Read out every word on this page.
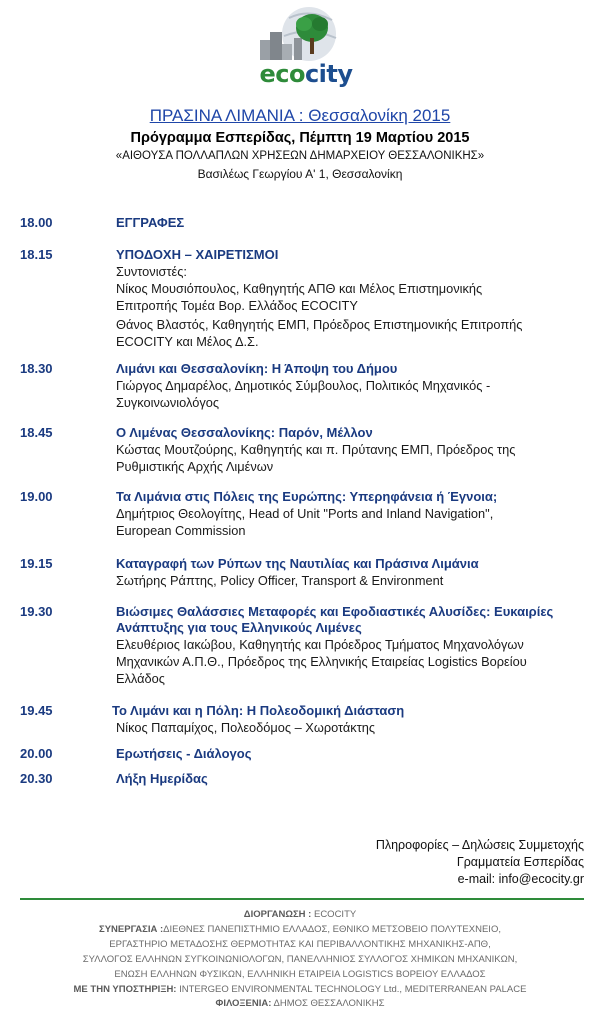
ecocity
ΠΡΑΣΙΝΑ ΛΙΜΑΝΙΑ : Θεσσαλονίκη 2015
Πρόγραμμα Εσπερίδας, Πέμπτη 19 Μαρτίου 2015
«ΑΙΘΟΥΣΑ ΠΟΛΛΑΠΛΩΝ ΧΡΗΣΕΩΝ ΔΗΜΑΡΧΕΙΟΥ ΘΕΣΣΑΛΟΝΙΚΗΣ»
Βασιλέως Γεωργίου Α' 1, Θεσσαλονίκη
18.00	ΕΓΓΡΑΦΕΣ
18.15	ΥΠΟΔΟΧΗ – ΧΑΙΡΕΤΙΣΜΟΙ
Συντονιστές:
Νίκος Μουσιόπουλος, Καθηγητής ΑΠΘ και Μέλος Επιστημονικής
Επιτροπής Τομέα Βορ. Ελλάδος ECOCITY
Θάνος Βλαστός, Καθηγητής ΕΜΠ, Πρόεδρος Επιστημονικής Επιτροπής
ECOCITY και Μέλος Δ.Σ.
18.30	Λιμάνι και Θεσσαλονίκη: Η Άποψη του Δήμου
Γιώργος Δημαρέλος, Δημοτικός Σύμβουλος, Πολιτικός Μηχανικός -
Συγκοινωνιολόγος
18.45	Ο Λιμένας Θεσσαλονίκης: Παρόν, Μέλλον
Κώστας Μουτζούρης, Καθηγητής και π. Πρύτανης ΕΜΠ, Πρόεδρος της
Ρυθμιστικής Αρχής Λιμένων
19.00	Τα Λιμάνια στις Πόλεις της Ευρώπης: Υπερηφάνεια ή Έγνοια;
Δημήτριος Θεολογίτης, Head of Unit "Ports and Inland Navigation",
European Commission
19.15	Καταγραφή των Ρύπων της Ναυτιλίας και Πράσινα Λιμάνια
Σωτήρης Ράπτης, Policy Officer, Transport & Environment
19.30	Βιώσιμες Θαλάσσιες Μεταφορές και Εφοδιαστικές Αλυσίδες: Ευκαιρίες
Ανάπτυξης για τους Ελληνικούς Λιμένες
Ελευθέριος Ιακώβου, Καθηγητής και Πρόεδρος Τμήματος Μηχανολόγων
Μηχανικών Α.Π.Θ., Πρόεδρος της Ελληνικής Εταιρείας Logistics Βορείου
Ελλάδος
19.45	Το Λιμάνι και η Πόλη: Η Πολεοδομική Διάσταση
Νίκος Παπαμίχος, Πολεοδόμος – Χωροτάκτης
20.00	Ερωτήσεις - Διάλογος
20.30	Λήξη Ημερίδας
Πληροφορίες – Δηλώσεις Συμμετοχής
Γραμματεία Εσπερίδας
e-mail: info@ecocity.gr
ΔΙΟΡΓΑΝΩΣΗ : ECOCITY
ΣΥΝΕΡΓΑΣΙΑ :ΔΙΕΘΝΕΣ ΠΑΝΕΠΙΣΤΗΜΙΟ ΕΛΛΑΔΟΣ, ΕΘΝΙΚΟ ΜΕΤΣΟΒΕΙΟ ΠΟΛΥΤΕΧΝΕΙΟ,
ΕΡΓΑΣΤΗΡΙΟ ΜΕΤΑΔΟΣΗΣ ΘΕΡΜΟΤΗΤΑΣ ΚΑΙ ΠΕΡΙΒΑΛΛΟΝΤΙΚΗΣ ΜΗΧΑΝΙΚΗΣ-ΑΠΘ,
ΣΥΛΛΟΓΟΣ ΕΛΛΗΝΩΝ ΣΥΓΚΟΙΝΩΝΙΟΛΟΓΩΝ, ΠΑΝΕΛΛΗΝΙΟΣ ΣΥΛΛΟΓΟΣ ΧΗΜΙΚΩΝ ΜΗΧΑΝΙΚΩΝ,
ΕΝΩΣΗ ΕΛΛΗΝΩΝ ΦΥΣΙΚΩΝ, ΕΛΛΗΝΙΚΗ ΕΤΑΙΡΕΙΑ LOGISTICS ΒΟΡΕΙΟΥ ΕΛΛΑΔΟΣ
ΜΕ ΤΗΝ ΥΠΟΣΤΗΡΙΞΗ: INTERGEO ENVIRONMENTAL TECHNOLOGY Ltd., MEDITERRANEAN PALACE
ΦΙΛΟΞΕΝΙΑ: ΔΗΜΟΣ ΘΕΣΣΑΛΟΝΙΚΗΣ
